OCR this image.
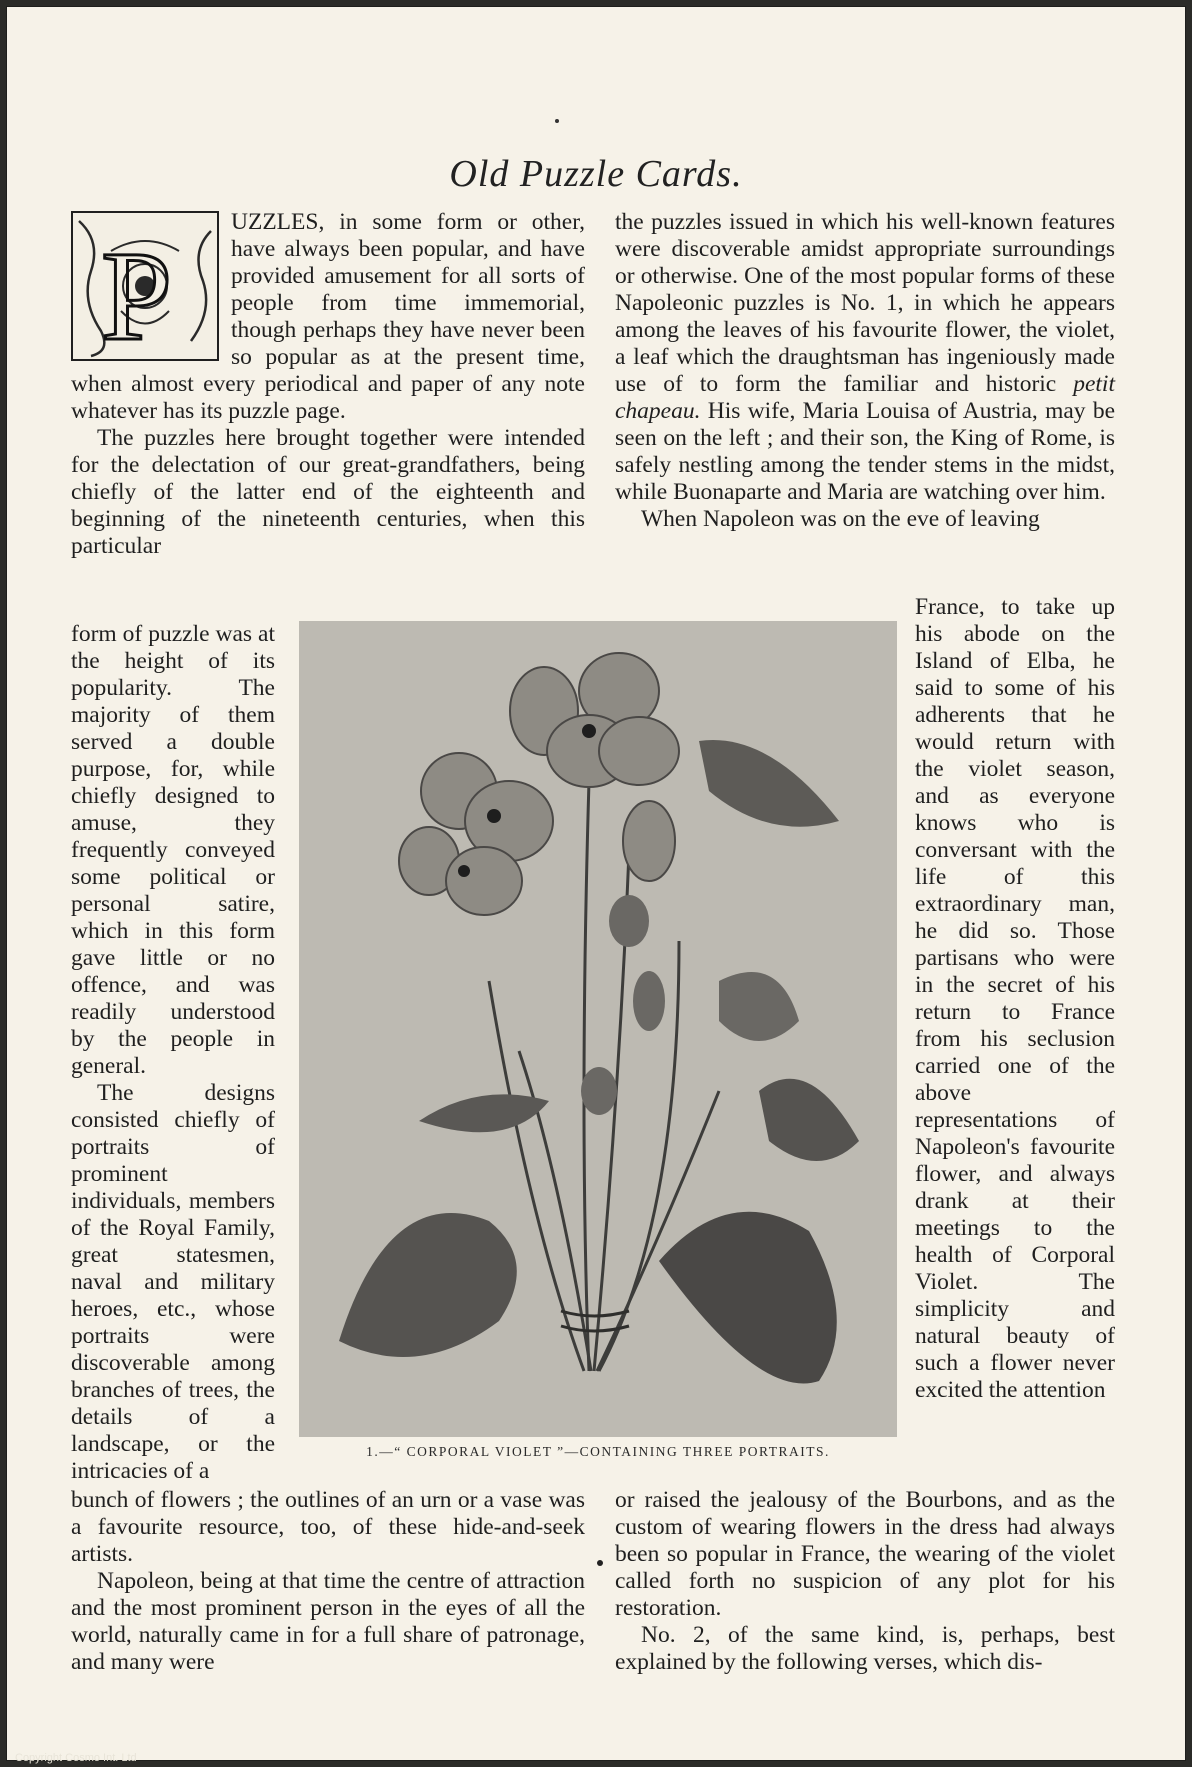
Old Puzzle Cards.
P

UZZLES, in some form or other, have always been popular, and have provided amusement for all sorts of people from time immemorial, though perhaps they have never been so popular as at the present time, when almost every periodical and paper of any note whatever has its puzzle page.

The puzzles here brought together were intended for the delectation of our great-grandfathers, being chiefly of the latter end of the eighteenth and beginning of the nineteenth centuries, when this particular

form of puzzle was at the height of its popularity. The majority of them served a double purpose, for, while chiefly designed to amuse, they frequently conveyed some political or personal satire, which in this form gave little or no offence, and was readily understood by the people in general.

The designs consisted chiefly of portraits of prominent individuals, members of the Royal Family, great statesmen, naval and military heroes, etc., whose portraits were discoverable among branches of trees, the details of a landscape, or the intricacies of a

bunch of flowers ; the outlines of an urn or a vase was a favourite resource, too, of these hide-and-seek artists.

Napoleon, being at that time the centre of attraction and the most prominent person in the eyes of all the world, naturally came in for a full share of patronage, and many were

the puzzles issued in which his well-known features were discoverable amidst appropriate surroundings or otherwise. One of the most popular forms of these Napoleonic puzzles is No. 1, in which he appears among the leaves of his favourite flower, the violet, a leaf which the draughtsman has ingeniously made use of to form the familiar and historic petit chapeau. His wife, Maria Louisa of Austria, may be seen on the left ; and their son, the King of Rome, is safely nestling among the tender stems in the midst, while Buonaparte and Maria are watching over him.

When Napoleon was on the eve of leaving

France, to take up his abode on the Island of Elba, he said to some of his adherents that he would return with the violet season, and as everyone knows who is conversant with the life of this extraordinary man, he did so. Those partisans who were in the secret of his return to France from his seclusion carried one of the above representations of Napoleon's favourite flower, and always drank at their meetings to the health of Corporal Violet. The simplicity and natural beauty of such a flower never excited the attention

or raised the jealousy of the Bourbons, and as the custom of wearing flowers in the dress had always been so popular in France, the wearing of the violet called forth no suspicion of any plot for his restoration.

No. 2, of the same kind, is, perhaps, best explained by the following verses, which dis-

1.—“ CORPORAL VIOLET ”—CONTAINING THREE PORTRAITS.
Copyright Cosmo Int. Ltd
